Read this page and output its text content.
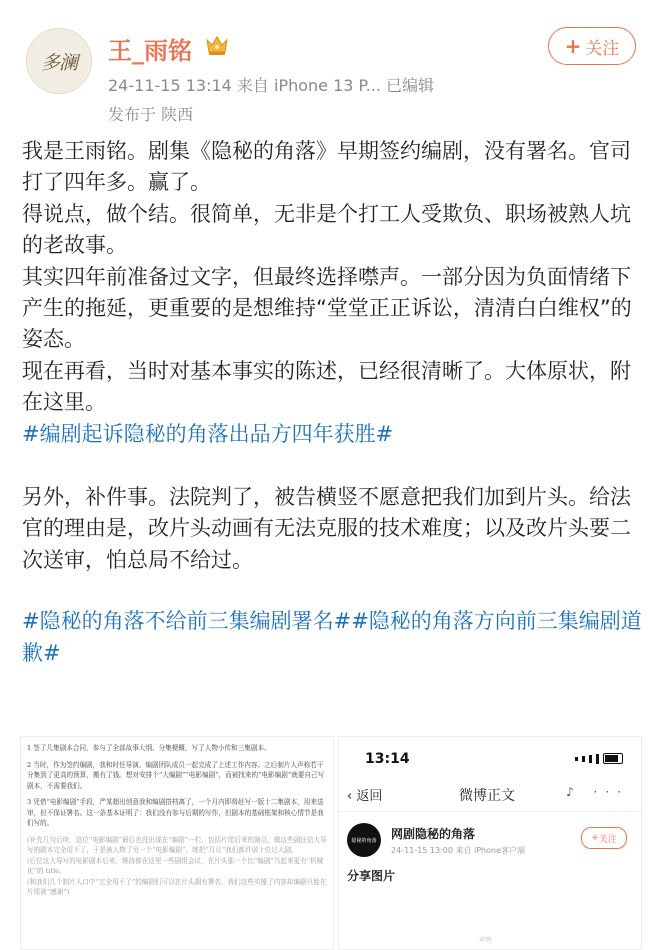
多澜 王_雨铭
24-11-15 13:14 来自 iPhone 13 P... 已编辑
发布于 陕西
+ 关注

我是王雨铭。剧集《隐秘的角落》早期签约编剧，没有署名。官司打了四年多。赢了。

得说点，做个结。很简单，无非是个打工人受欺负、职场被熟人坑的老故事。

其实四年前准备过文字，但最终选择噤声。一部分因为负面情绪下产生的拖延，更重要的是想维持“堂堂正正诉讼，清清白白维权”的姿态。

现在再看，当时对基本事实的陈述，已经很清晰了。大体原状，附在这里。

#编剧起诉隐秘的角落出品方四年获胜#

另外，补件事。法院判了，被告横竖不愿意把我们加到片头。给法官的理由是，改片头动画有无法克服的技术难度；以及改片头要二次送审，怕总局不给过。

#隐秘的角落不给前三集编剧署名##隐秘的角落方向前三集编剧道歉#

1 签了几集剧本合同，参与了全部故事大纲、分集梗概，写了人物小传和三集剧本。
2 当时，作为签约编剧，我和时任导演、编剧团队成员一起完成了上述工作内容。之后制片人声称若干分集到了更高的预算，搬有了钱。想对安排个“大编剧”“电影编剧”，而被找来的“电影编剧”就要自己写剧本，不需要我们。
3 凭借“电影编剧”手段，严某超出创意我和编剧搭档离了，一个月内即将赶写一版十二集剧本，用来送审，但不保证署名。这一条基本证明了：我们没有参与后期的写作，但剧本的基础框架和核心情节是我们写的。
(补充几句后续，这位“电影编剧”最后也没出现在“编剧”一栏，包括片尾后来的演员，做这些剧还信大导写的剧本完全用不了，于是被人物了另一个“电影编剧”，她把“月月”我们都许诺十位过大剧。
(后位这大导写的电影剧本后来，维持都在这里一些剧组会议，在片头那一个比“编剧”当起来更有“机械化”的 title。
(和我们几个制片人口中“完全用不了”的编剧们可以在片头拥有署名，我们这些实锤了内容却编剧只能在片尾被“感谢”)
13:14
‹ 返回	微博正文	♪ ···
隐秘的角落	网剧隐秘的角落
24-11-15 13:00 来自 iPhone客户端
+ 关注
分享图片
声明
